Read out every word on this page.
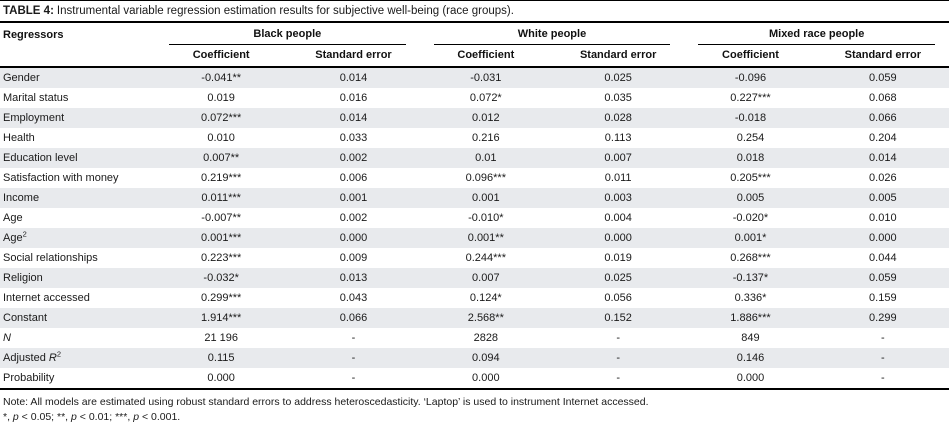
TABLE 4: Instrumental variable regression estimation results for subjective well-being (race groups).
Regressors	Black people		White people		Mixed race people	

	Coefficient	Standard error	Coefficient	Standard error	Coefficient	Standard error
Gender	-0.041**	0.014	-0.031	0.025	-0.096	0.059
Marital status	0.019	0.016	0.072*	0.035	0.227***	0.068
Employment	0.072***	0.014	0.012	0.028	-0.018	0.066
Health	0.010	0.033	0.216	0.113	0.254	0.204
Education level	0.007**	0.002	0.01	0.007	0.018	0.014
Satisfaction with money	0.219***	0.006	0.096***	0.011	0.205***	0.026
Income	0.011***	0.001	0.001	0.003	0.005	0.005
Age	-0.007**	0.002	-0.010*	0.004	-0.020*	0.010
Age$^2$	0.001***	0.000	0.001**	0.000	0.001*	0.000
Social relationships	0.223***	0.009	0.244***	0.019	0.268***	0.044
Religion	-0.032*	0.013	0.007	0.025	-0.137*	0.059
Internet accessed	0.299***	0.043	0.124*	0.056	0.336*	0.159
Constant	1.914***	0.066	2.568**	0.152	1.886***	0.299
N	21 196	-	2828	-	849	-
Adjusted $R^2$	0.115	-	0.094	-	0.146	-
Probability	0.000	-	0.000	-	0.000	-
Note: All models are estimated using robust standard errors to address heteroscedasticity. ‘Laptop’ is used to instrument Internet accessed.
*, p < 0.05; **, p < 0.01; ***, p < 0.001.
